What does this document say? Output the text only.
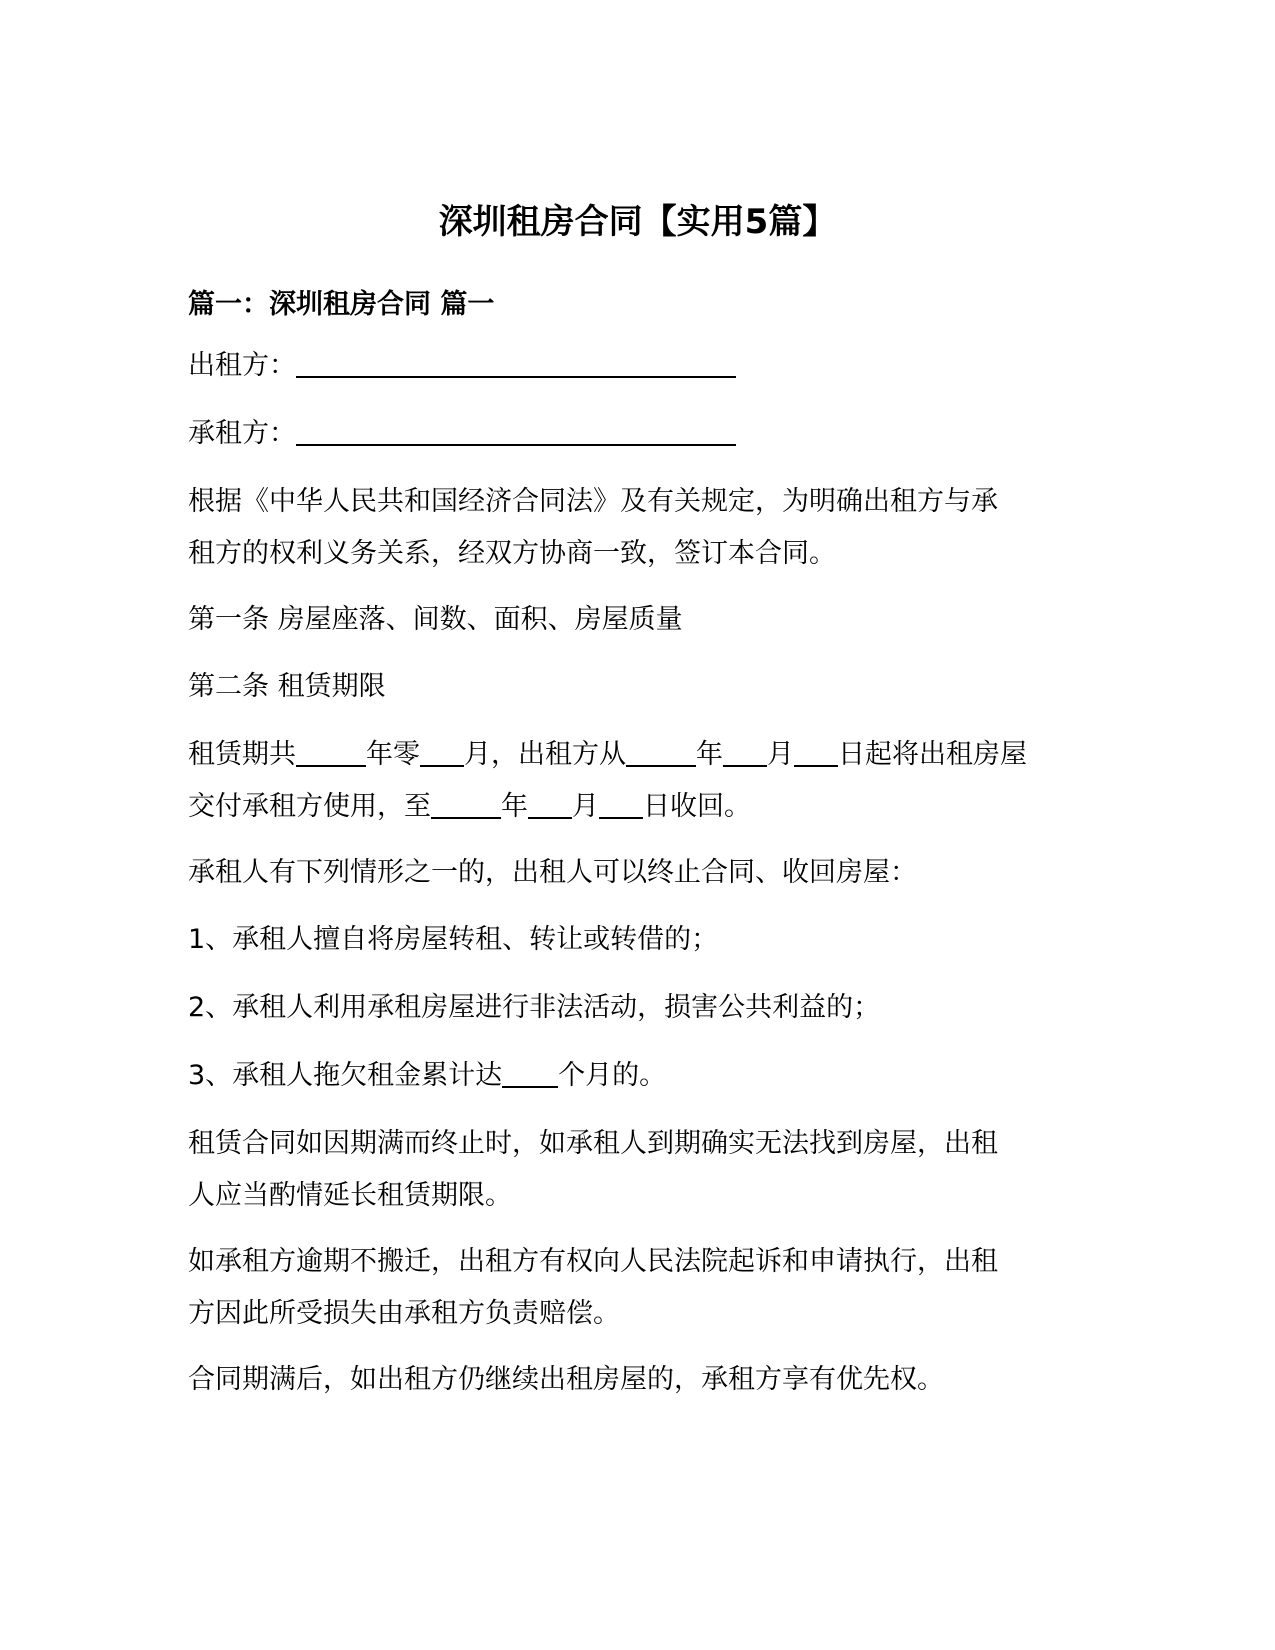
深圳租房合同【实用5篇】
篇一：深圳租房合同 篇一
出租方：
承租方：
根据《中华人民共和国经济合同法》及有关规定，为明确出租方与承
租方的权利义务关系，经双方协商一致，签订本合同。
第一条 房屋座落、间数、面积、房屋质量
第二条 租赁期限
租赁期共	年零 月，出租方从	年 月 日起将出租房屋
交付承租方使用，至	年 月 日收回。
承租人有下列情形之一的，出租人可以终止合同、收回房屋：
1、承租人擅自将房屋转租、转让或转借的；
2、承租人利用承租房屋进行非法活动，损害公共利益的；
3、承租人拖欠租金累计达 个月的。
租赁合同如因期满而终止时，如承租人到期确实无法找到房屋，出租
人应当酌情延长租赁期限。
如承租方逾期不搬迁，出租方有权向人民法院起诉和申请执行，出租
方因此所受损失由承租方负责赔偿。
合同期满后，如出租方仍继续出租房屋的，承租方享有优先权。
